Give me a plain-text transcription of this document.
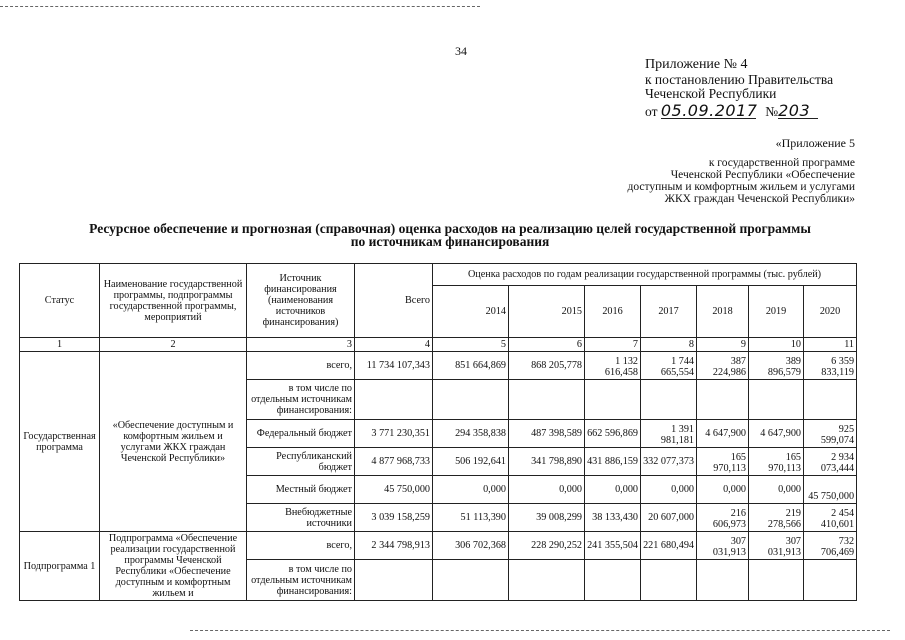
34
Приложение № 4
к постановлению Правительства
Чеченской Республики
от 05.09.2017 №203
«Приложение 5
к государственной программе
Чеченской Республики «Обеспечение
доступным и комфортным жильем и услугами
ЖКХ граждан Чеченской Республики»
Ресурсное обеспечение и прогнозная (справочная) оценка расходов на реализацию целей государственной программы
по источникам финансирования
Статус	Наименование государственной программы, подпрограммы государственной программы, мероприятий	Источник финансирования (наименования источников финансирования)	Всего	Оценка расходов по годам реализации государственной программы (тыс. рублей)						
				2014	2015	2016	2017	2018	2019	2020
1	2	3	4	5	6	7	8	9	10	11
Государственная программа	«Обеспечение доступным и комфортным жильем и услугами ЖКХ граждан Чеченской Республики»	всего,	11 734 107,343	851 664,869	868 205,778	1 132 616,458	1 744 665,554	387 224,986	389 896,579	6 359 833,119
		в том числе по отдельным источникам финансирования:								
		Федеральный бюджет	3 771 230,351	294 358,838	487 398,589	662 596,869	1 391 981,181	4 647,900	4 647,900	925 599,074
		Республиканский бюджет	4 877 968,733	506 192,641	341 798,890	431 886,159	332 077,373	165 970,113	165 970,113	2 934 073,444
		Местный бюджет	45 750,000	0,000	0,000	0,000	0,000	0,000	0,000	45 750,000
		Внебюджетные источники	3 039 158,259	51 113,390	39 008,299	38 133,430	20 607,000	216 606,973	219 278,566	2 454 410,601
Подпрограмма 1	Подпрограмма «Обеспечение реализации государственной программы Чеченской Республики «Обеспечение доступным и комфортным жильем и	всего,	2 344 798,913	306 702,368	228 290,252	241 355,504	221 680,494	307 031,913	307 031,913	732 706,469
		в том числе по отдельным источникам финансирования:								
